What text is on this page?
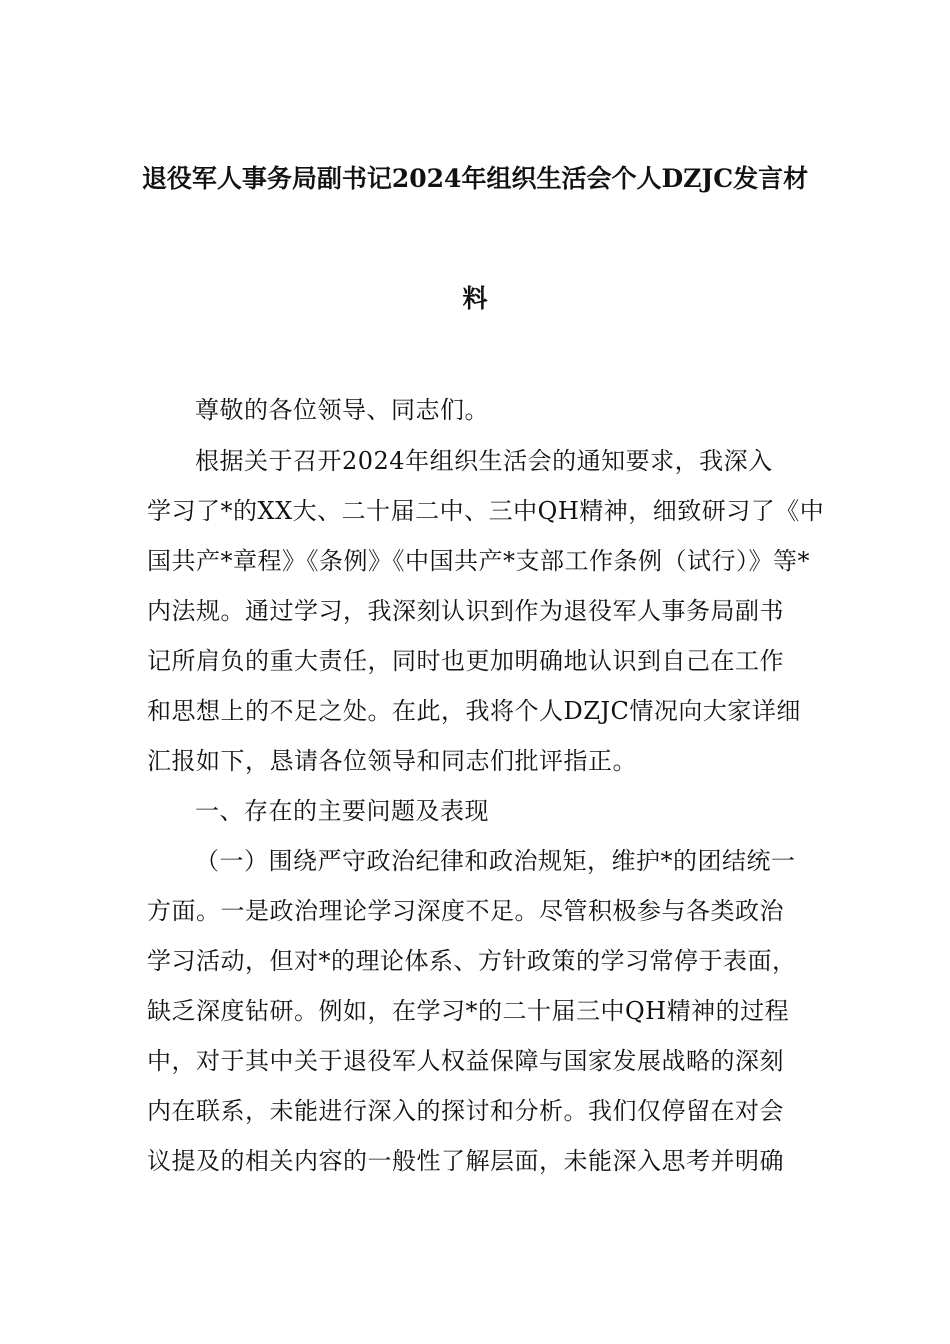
退役军人事务局副书记2024年组织生活会个人DZJC发言材
料
尊敬的各位领导、同志们。
根据关于召开2024年组织生活会的通知要求，我深入
学习了*的XX大、二十届二中、三中QH精神，细致研习了《中
国共产*章程》《条例》《中国共产*支部工作条例（试行）》等*
内法规。通过学习，我深刻认识到作为退役军人事务局副书
记所肩负的重大责任，同时也更加明确地认识到自己在工作
和思想上的不足之处。在此，我将个人DZJC情况向大家详细
汇报如下，恳请各位领导和同志们批评指正。
一、存在的主要问题及表现
（一）围绕严守政治纪律和政治规矩，维护*的团结统一
方面。一是政治理论学习深度不足。尽管积极参与各类政治
学习活动，但对*的理论体系、方针政策的学习常停于表面，
缺乏深度钻研。例如，在学习*的二十届三中QH精神的过程
中，对于其中关于退役军人权益保障与国家发展战略的深刻
内在联系，未能进行深入的探讨和分析。我们仅停留在对会
议提及的相关内容的一般性了解层面，未能深入思考并明确
